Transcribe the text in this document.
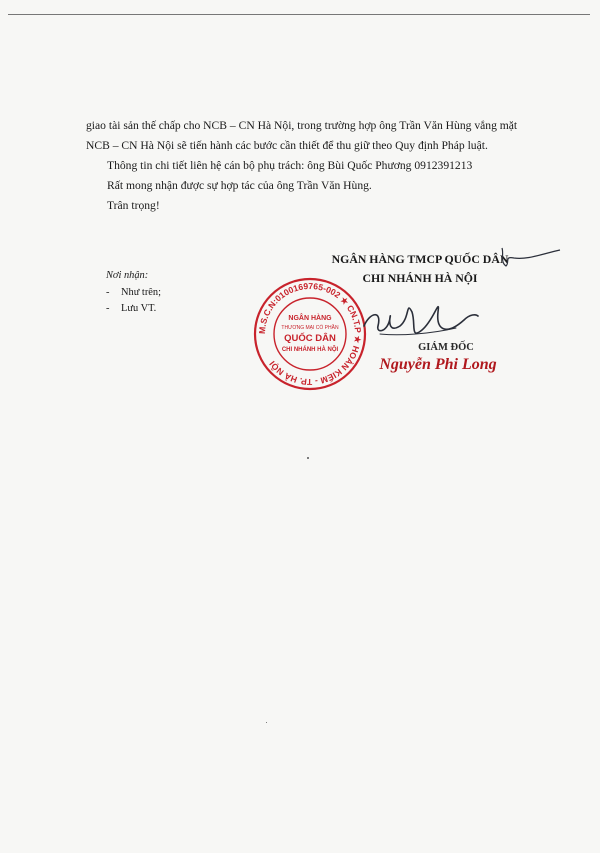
giao tài sản thế chấp cho NCB – CN Hà Nội, trong trường hợp ông Trần Văn Hùng vắng mặt

NCB – CN Hà Nội sẽ tiến hành các bước cần thiết để thu giữ theo Quy định Pháp luật.

Thông tin chi tiết liên hệ cán bộ phụ trách: ông Bùi Quốc Phương 0912391213

Rất mong nhận được sự hợp tác của ông Trần Văn Hùng.

Trân trọng!

Nơi nhận:
- Như trên;
- Lưu VT.
NGÂN HÀNG TMCP QUỐC DÂN
CHI NHÁNH HÀ NỘI
M.S.C.N:0100169765-002 ★ CN.T.P ★ HOÀN KIẾM - TP. HÀ NỘI
NGÂN HÀNG
THƯƠNG MẠI CỔ PHẦN
QUỐC DÂN
CHI NHÁNH HÀ NỘI	GIÁM ĐỐC
Nguyễn Phi Long
